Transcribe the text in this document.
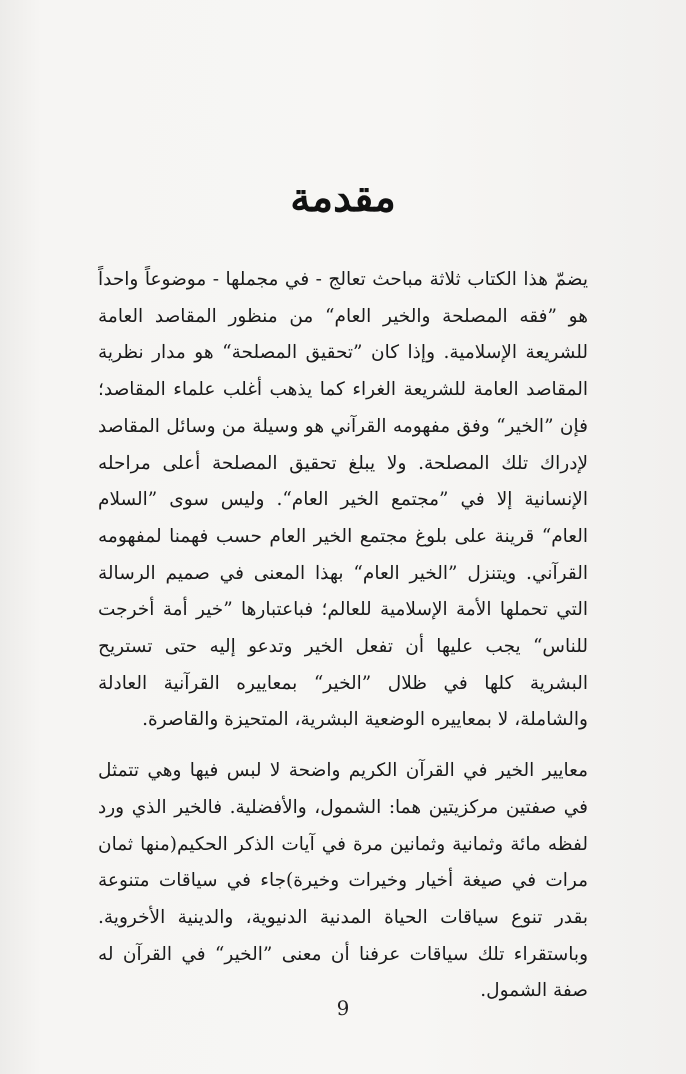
مقدمة

يضمّ هذا الكتاب ثلاثة مباحث تعالج - في مجملها - موضوعاً واحداً هو ”فقه المصلحة والخير العام“ من منظور المقاصد العامة للشريعة الإسلامية. وإذا كان ”تحقيق المصلحة“ هو مدار نظرية المقاصد العامة للشريعة الغراء كما يذهب أغلب علماء المقاصد؛ فإن ”الخير“ وفق مفهومه القرآني هو وسيلة من وسائل المقاصد لإدراك تلك المصلحة. ولا يبلغ تحقيق المصلحة أعلى مراحله الإنسانية إلا في ”مجتمع الخير العام“. وليس سوى ”السلام العام“ قرينة على بلوغ مجتمع الخير العام حسب فهمنا لمفهومه القرآني. ويتنزل ”الخير العام“ بهذا المعنى في صميم الرسالة التي تحملها الأمة الإسلامية للعالم؛ فباعتبارها ”خير أمة أخرجت للناس“ يجب عليها أن تفعل الخير وتدعو إليه حتى تستريح البشرية كلها في ظلال ”الخير“ بمعاييره القرآنية العادلة والشاملة، لا بمعاييره الوضعية البشرية، المتحيزة والقاصرة.

معايير الخير في القرآن الكريم واضحة لا لبس فيها وهي تتمثل في صفتين مركزيتين هما: الشمول، والأفضلية. فالخير الذي ورد لفظه مائة وثمانية وثمانين مرة في آيات الذكر الحكيم(منها ثمان مرات في صيغة أخيار وخيرات وخيرة)جاء في سياقات متنوعة بقدر تنوع سياقات الحياة المدنية الدنيوية، والدينية الأخروية. وباستقراء تلك سياقات عرفنا أن معنى ”الخير“ في القرآن له صفة الشمول.

9
